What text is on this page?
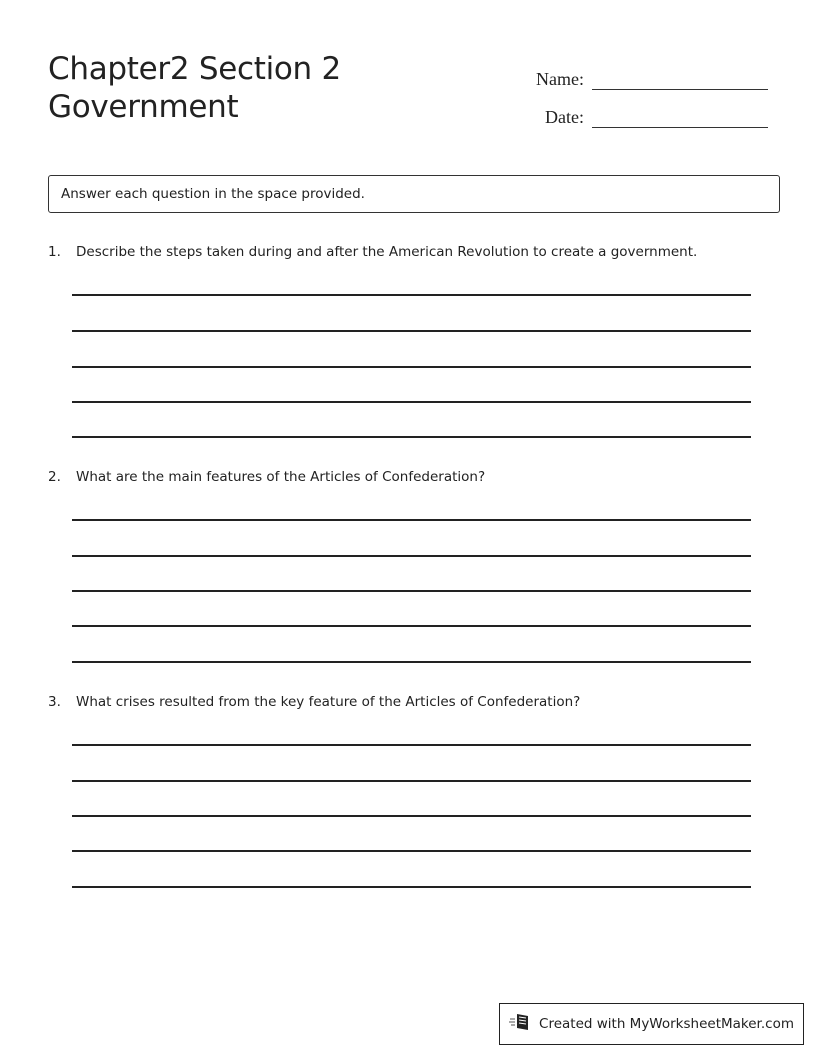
Chapter2 Section 2
Government
Name:
Date:
Answer each question in the space provided.
1.	Describe the steps taken during and after the American Revolution to create a government.
2.	What are the main features of the Articles of Confederation?
3.	What crises resulted from the key feature of the Articles of Confederation?
Created with MyWorksheetMaker.com
